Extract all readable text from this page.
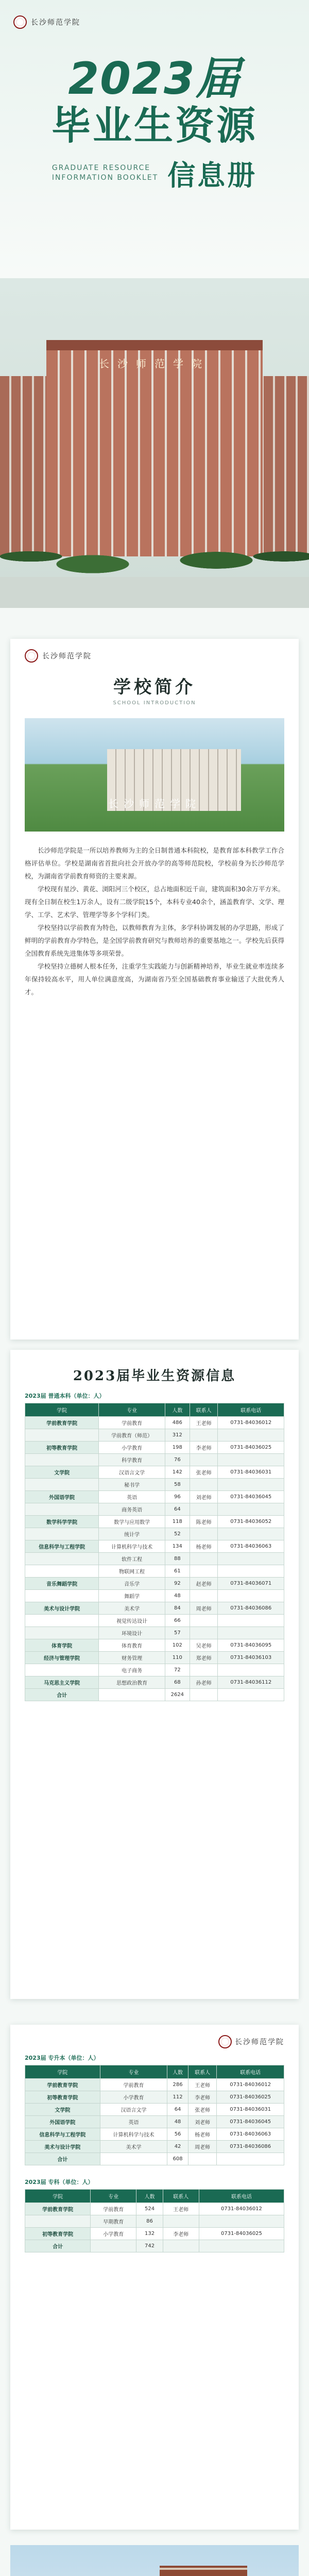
长沙师范学院
2023届
毕业生资源
GRADUATE RESOURCE
INFORMATION BOOKLET 信息册
长沙师范学院
长沙师范学院
学校简介
SCHOOL INTRODUCTION
长沙师范学院

长沙师范学院是一所以培养教师为主的全日制普通本科院校，是教育部本科教学工作合格评估单位。学校是湖南省首批向社会开放办学的高等师范院校，学校前身为长沙师范学校，为湖南省学前教育师资的主要来源。

学校现有星沙、黄花、浏阳河三个校区，总占地面积近千亩，建筑面积30余万平方米。现有全日制在校生1万余人，设有二级学院15个，本科专业40余个，涵盖教育学、文学、理学、工学、艺术学、管理学等多个学科门类。

学校坚持以学前教育为特色，以教师教育为主体，多学科协调发展的办学思路，形成了鲜明的学前教育办学特色，是全国学前教育研究与教师培养的重要基地之一。学校先后获得全国教育系统先进集体等多项荣誉。

学校坚持立德树人根本任务，注重学生实践能力与创新精神培养，毕业生就业率连续多年保持较高水平，用人单位满意度高，为湖南省乃至全国基础教育事业输送了大批优秀人才。

2023届毕业生资源信息
2023届 普通本科（单位：人）
学院	专业	人数	联系人	联系电话
学前教育学院	学前教育	486	王老师	0731-84036012
	学前教育（师范）	312		
初等教育学院	小学教育	198	李老师	0731-84036025
	科学教育	76		
文学院	汉语言文学	142	张老师	0731-84036031
	秘书学	58		
外国语学院	英语	96	刘老师	0731-84036045
	商务英语	64		
数学科学学院	数学与应用数学	118	陈老师	0731-84036052
	统计学	52		
信息科学与工程学院	计算机科学与技术	134	杨老师	0731-84036063
	软件工程	88		
	物联网工程	61		
音乐舞蹈学院	音乐学	92	赵老师	0731-84036071
	舞蹈学	48		
美术与设计学院	美术学	84	周老师	0731-84036086
	视觉传达设计	66		
	环境设计	57		
体育学院	体育教育	102	吴老师	0731-84036095
经济与管理学院	财务管理	110	郑老师	0731-84036103
	电子商务	72		
马克思主义学院	思想政治教育	68	孙老师	0731-84036112
合计		2624		
长沙师范学院
2023届 专升本（单位：人）
学院	专业	人数	联系人	联系电话
学前教育学院	学前教育	286	王老师	0731-84036012
初等教育学院	小学教育	112	李老师	0731-84036025
文学院	汉语言文学	64	张老师	0731-84036031
外国语学院	英语	48	刘老师	0731-84036045
信息科学与工程学院	计算机科学与技术	56	杨老师	0731-84036063
美术与设计学院	美术学	42	周老师	0731-84036086
合计		608		
2023届 专科（单位：人）
学院	专业	人数	联系人	联系电话
学前教育学院	学前教育	524	王老师	0731-84036012
	早期教育	86		
初等教育学院	小学教育	132	李老师	0731-84036025
合计		742		
